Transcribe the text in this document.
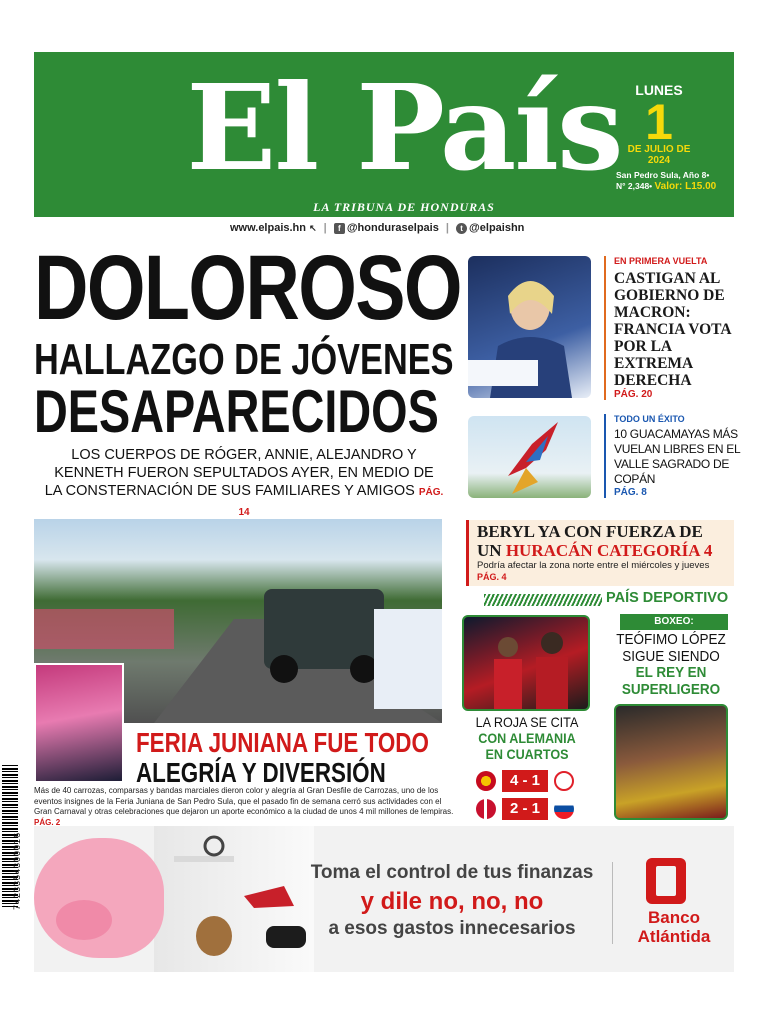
El País
LA TRIBUNA DE HONDURAS
LUNES
1
DE JULIO DE 2024
San Pedro Sula, Año 8•
N° 2,348• Valor: L15.00
www.elpais.hn ↖ | f @hondurаselpais | t @elpaishn
DOLOROSO
HALLAZGO DE JÓVENES
DESAPARECIDOS
LOS CUERPOS DE RÓGER, ANNIE, ALEJANDRO Y KENNETH FUERON SEPULTADOS AYER, EN MEDIO DE LA CONSTERNACIÓN DE SUS FAMILIARES Y AMIGOS PÁG. 14
EN PRIMERA VUELTA
CASTIGAN AL GOBIERNO DE MACRON: FRANCIA VOTA POR LA EXTREMA DERECHA
PÁG. 20
TODO UN ÉXITO
10 GUACAMAYAS MÁS VUELAN LIBRES EN EL VALLE SAGRADO DE COPÁN
PÁG. 8
FERIA JUNIANA FUE TODO
ALEGRÍA Y DIVERSIÓN
Más de 40 carrozas, comparsas y bandas marciales dieron color y alegría al Gran Desfile de Carrozas, uno de los eventos insignes de la Feria Juniana de San Pedro Sula, que el pasado fin de semana cerró sus actividades con el Gran Carnaval y otras celebraciones que dejaron un aporte económico a la ciudad de unos 4 mil millones de lempiras. PÁG. 2
BERYL YA CON FUERZA DE UN HURACÁN CATEGORÍA 4
Podría afectar la zona norte entre el miércoles y jueves
PÁG. 4
PAÍS DEPORTIVO
LA ROJA SE CITA
CON ALEMANIA EN CUARTOS
4 - 1
2 - 1
BOXEO:
TEÓFIMO LÓPEZ SIGUE SIENDO
EL REY EN SUPERLIGERO
7423354300016	Toma el control de tus finanzas
y dile no, no, no
a esos gastos innecesarios
Banco Atlántida
